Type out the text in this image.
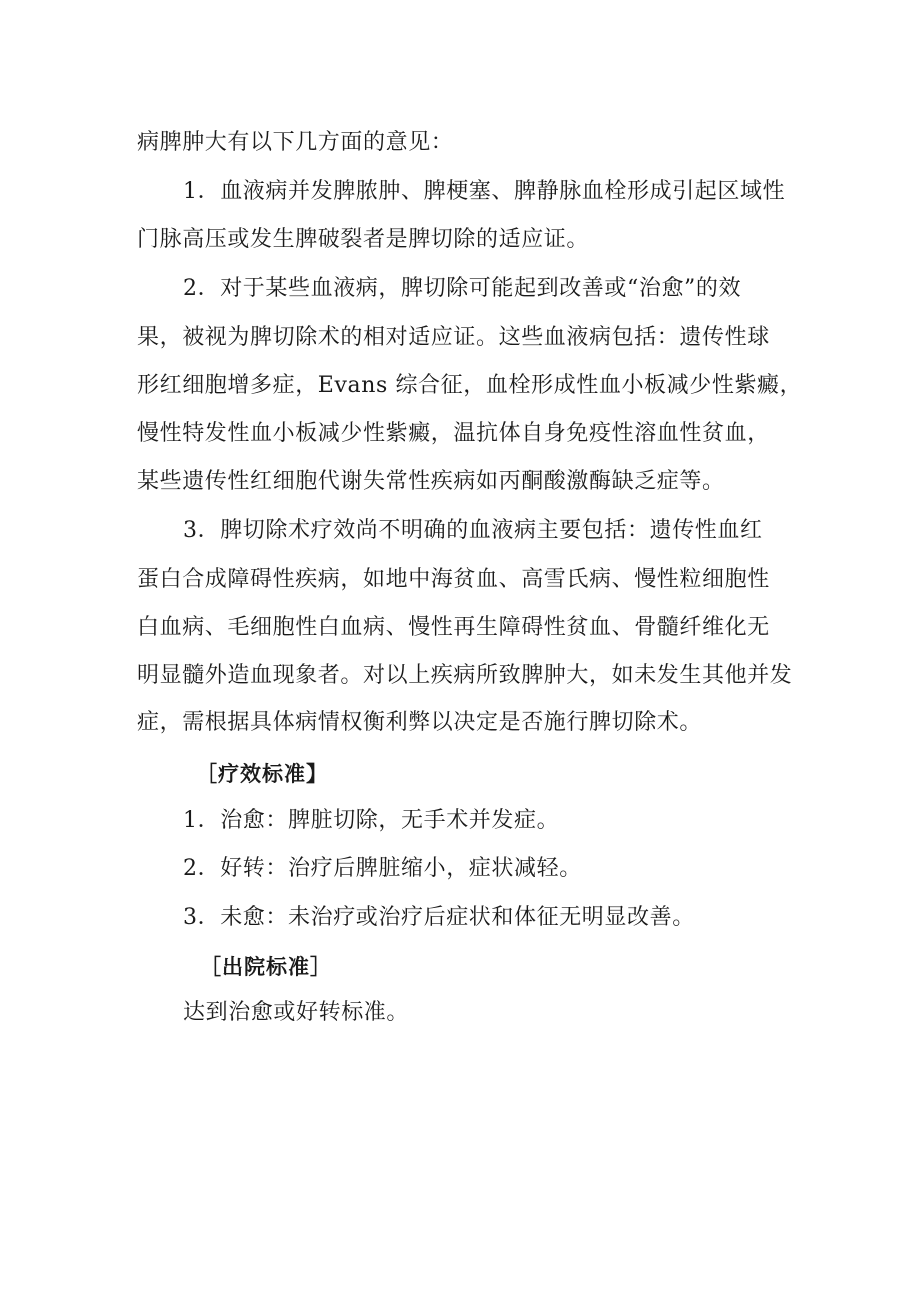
病脾肿大有以下几方面的意见：
1．血液病并发脾脓肿、脾梗塞、脾静脉血栓形成引起区域性
门脉高压或发生脾破裂者是脾切除的适应证。
2．对于某些血液病，脾切除可能起到改善或“治愈”的效
果，被视为脾切除术的相对适应证。这些血液病包括：遗传性球
形红细胞增多症，Evans 综合征，血栓形成性血小板减少性紫癜，
慢性特发性血小板减少性紫癜，温抗体自身免疫性溶血性贫血，
某些遗传性红细胞代谢失常性疾病如丙酮酸激酶缺乏症等。
3．脾切除术疗效尚不明确的血液病主要包括：遗传性血红
蛋白合成障碍性疾病，如地中海贫血、高雪氏病、慢性粒细胞性
白血病、毛细胞性白血病、慢性再生障碍性贫血、骨髓纤维化无
明显髓外造血现象者。对以上疾病所致脾肿大，如未发生其他并发
症，需根据具体病情权衡利弊以决定是否施行脾切除术。
［疗效标准】
1．治愈：脾脏切除，无手术并发症。
2．好转：治疗后脾脏缩小，症状减轻。
3．未愈：未治疗或治疗后症状和体征无明显改善。
［出院标准］
达到治愈或好转标准。
